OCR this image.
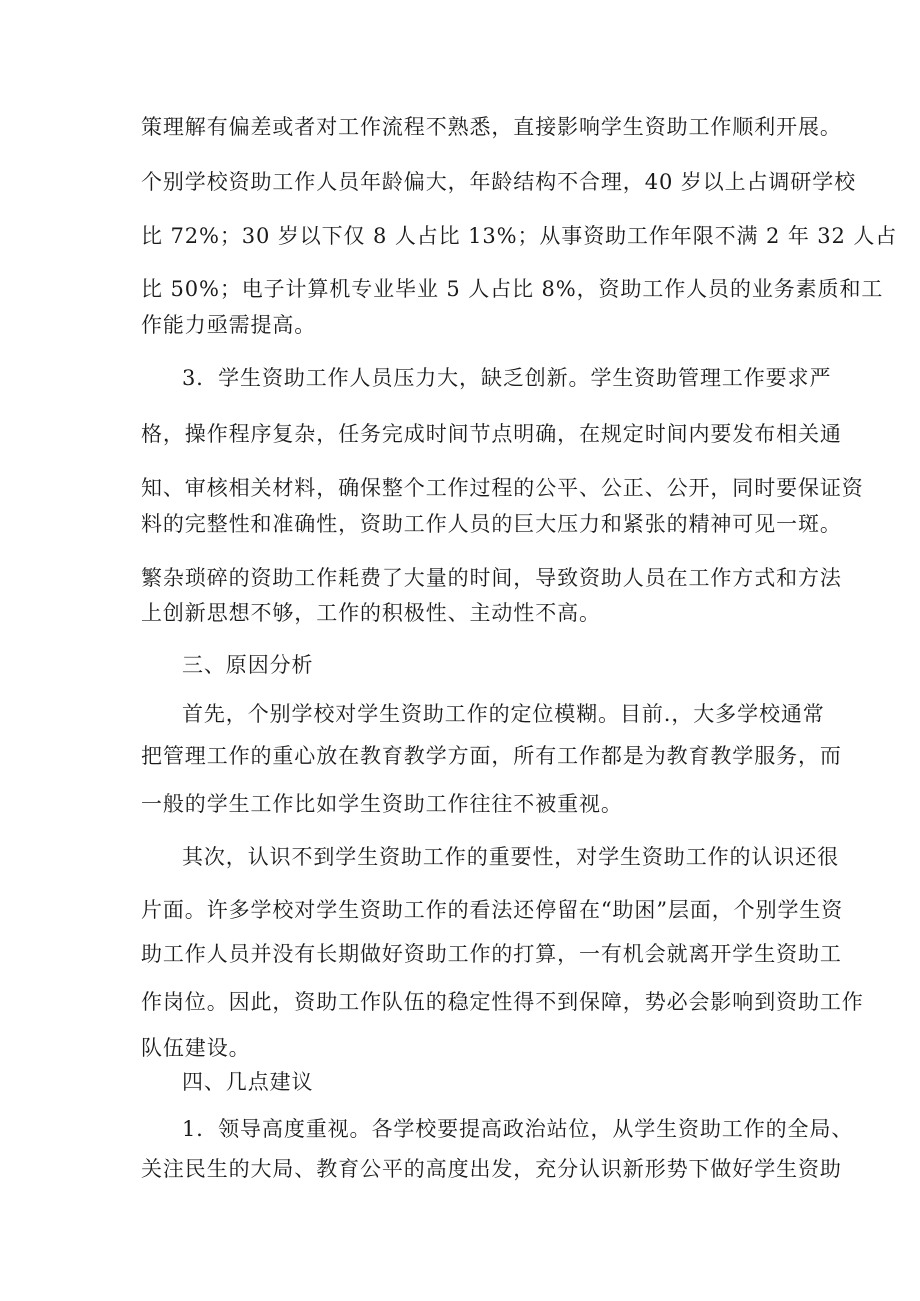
策理解有偏差或者对工作流程不熟悉，直接影响学生资助工作顺利开展。
个别学校资助工作人员年龄偏大，年龄结构不合理，40 岁以上占调研学校
比 72%；30 岁以下仅 8 人占比 13%；从事资助工作年限不满 2 年 32 人占
比 50%；电子计算机专业毕业 5 人占比 8%，资助工作人员的业务素质和工
作能力亟需提高。
3．学生资助工作人员压力大，缺乏创新。学生资助管理工作要求严
格，操作程序复杂，任务完成时间节点明确，在规定时间内要发布相关通
知、审核相关材料，确保整个工作过程的公平、公正、公开，同时要保证资
料的完整性和准确性，资助工作人员的巨大压力和紧张的精神可见一斑。
繁杂琐碎的资助工作耗费了大量的时间，导致资助人员在工作方式和方法
上创新思想不够，工作的积极性、主动性不高。
三、原因分析
首先，个别学校对学生资助工作的定位模糊。目前.，大多学校通常
把管理工作的重心放在教育教学方面，所有工作都是为教育教学服务，而
一般的学生工作比如学生资助工作往往不被重视。
其次，认识不到学生资助工作的重要性，对学生资助工作的认识还很
片面。许多学校对学生资助工作的看法还停留在“助困”层面，个别学生资
助工作人员并没有长期做好资助工作的打算，一有机会就离开学生资助工
作岗位。因此，资助工作队伍的稳定性得不到保障，势必会影响到资助工作
队伍建设。
四、几点建议
1．领导高度重视。各学校要提高政治站位，从学生资助工作的全局、
关注民生的大局、教育公平的高度出发，充分认识新形势下做好学生资助
